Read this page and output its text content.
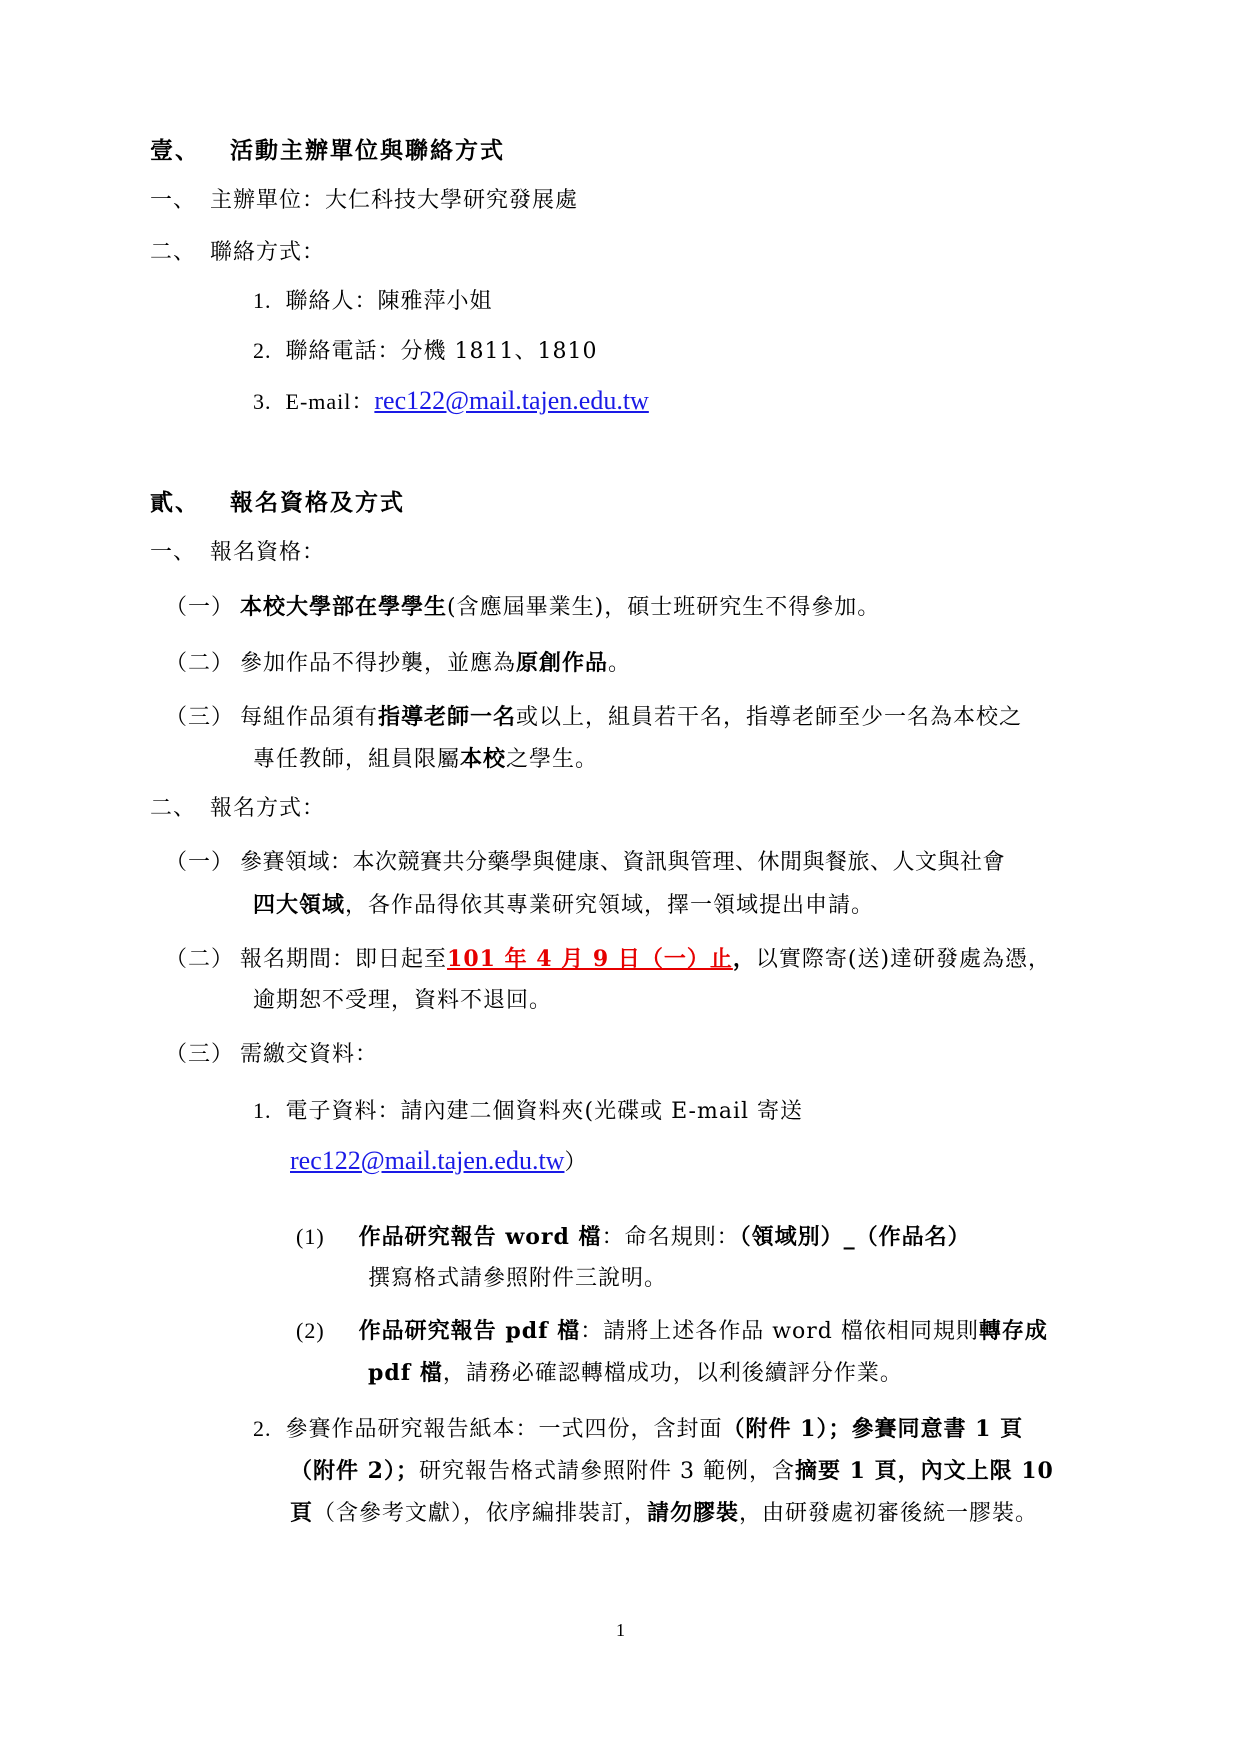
壹、 活動主辦單位與聯絡方式
一、 主辦單位：大仁科技大學研究發展處
二、 聯絡方式：
1. 聯絡人：陳雅萍小姐
2. 聯絡電話：分機 1811、1810
3. E-mail：rec122@mail.tajen.edu.tw
貳、 報名資格及方式
一、 報名資格：
（一） 本校大學部在學學生(含應屆畢業生)，碩士班研究生不得參加。
（二） 參加作品不得抄襲，並應為原創作品。
（三） 每組作品須有指導老師一名或以上，組員若干名，指導老師至少一名為本校之
專任教師，組員限屬本校之學生。
二、 報名方式：
（一） 參賽領域：本次競賽共分藥學與健康、資訊與管理、休閒與餐旅、人文與社會
四大領域，各作品得依其專業研究領域，擇一領域提出申請。
（二） 報名期間：即日起至101 年 4 月 9 日（一）止，以實際寄(送)達研發處為憑，
逾期恕不受理，資料不退回。
（三） 需繳交資料：
1. 電子資料：請內建二個資料夾(光碟或 E-mail 寄送
rec122@mail.tajen.edu.tw）
(1) 作品研究報告 word 檔：命名規則：（領域別）_（作品名）
撰寫格式請參照附件三說明。
(2) 作品研究報告 pdf 檔：請將上述各作品 word 檔依相同規則轉存成
pdf 檔，請務必確認轉檔成功，以利後續評分作業。
2. 參賽作品研究報告紙本：一式四份，含封面（附件 1）；參賽同意書 1 頁
（附件 2）；研究報告格式請參照附件 3 範例，含摘要 1 頁，內文上限 10
頁（含參考文獻），依序編排裝訂，請勿膠裝，由研發處初審後統一膠裝。
1
